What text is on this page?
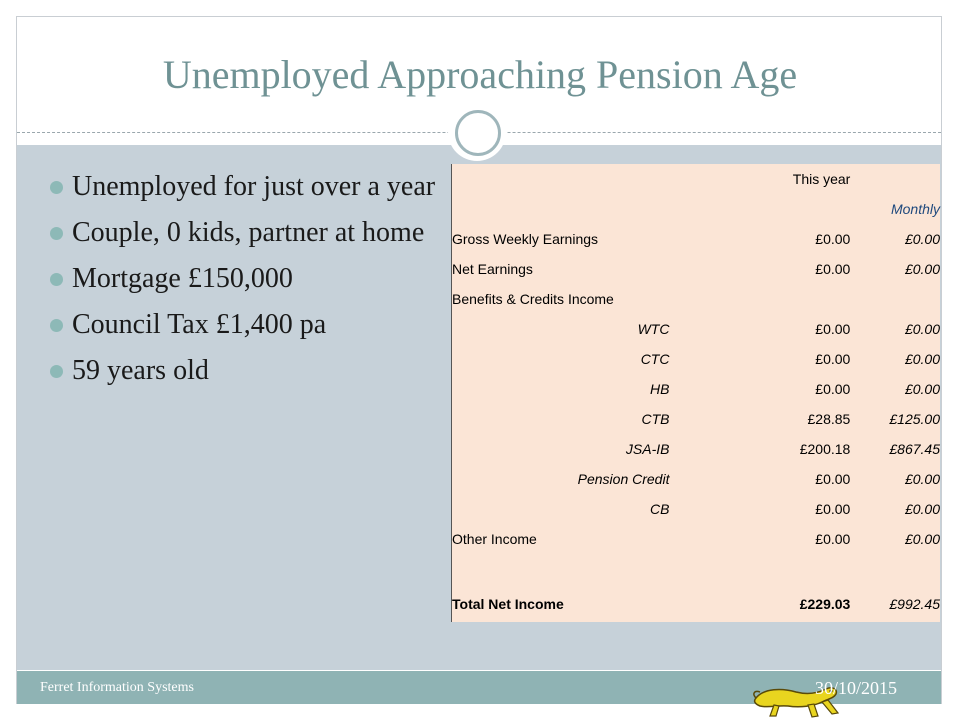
Unemployed Approaching Pension Age
Unemployed for just over a year
Couple, 0 kids, partner at home
Mortgage £150,000
Council Tax £1,400 pa
59 years old
	This year	
		Monthly
Gross Weekly Earnings	£0.00	£0.00
Net Earnings	£0.00	£0.00
Benefits & Credits Income		
WTC	£0.00	£0.00
CTC	£0.00	£0.00
HB	£0.00	£0.00
CTB	£28.85	£125.00
JSA-IB	£200.18	£867.45
Pension Credit	£0.00	£0.00
CB	£0.00	£0.00
Other Income	£0.00	£0.00

Total Net Income	£229.03	£992.45
Ferret Information Systems	30/10/2015
